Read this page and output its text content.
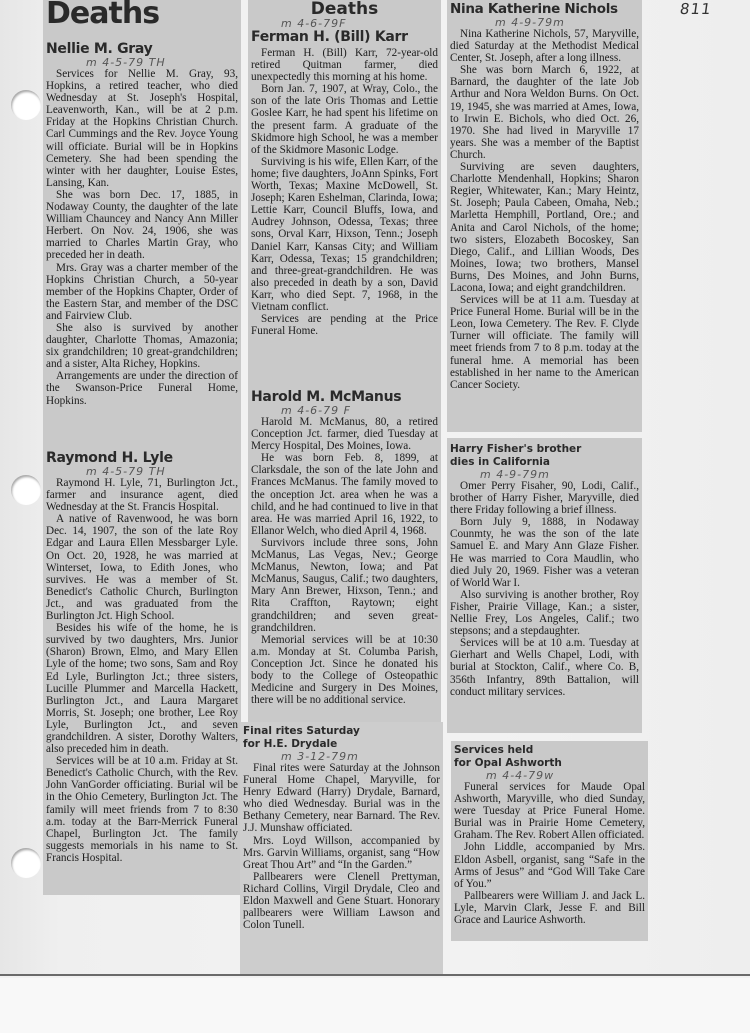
811
Deaths
Nellie M. Gray
m 4-5-79 TH

Services for Nellie M. Gray, 93, Hopkins, a retired teacher, who died Wednesday at St. Joseph's Hospital, Leavenworth, Kan., will be at 2 p.m. Friday at the Hopkins Christian Church. Carl Cummings and the Rev. Joyce Young will officiate. Burial will be in Hopkins Cemetery. She had been spending the winter with her daughter, Louise Estes, Lansing, Kan.

She was born Dec. 17, 1885, in Nodaway County, the daughter of the late William Chauncey and Nancy Ann Miller Herbert. On Nov. 24, 1906, she was married to Charles Martin Gray, who preceded her in death.

Mrs. Gray was a charter member of the Hopkins Christian Church, a 50-year member of the Hopkins Chapter, Order of the Eastern Star, and member of the DSC and Fairview Club.

She also is survived by another daughter, Charlotte Thomas, Amazonia; six grandchildren; 10 great-grandchildren; and a sister, Alta Richey, Hopkins.

Arrangements are under the direction of the Swanson-Price Funeral Home, Hopkins.

Raymond H. Lyle
m 4-5-79 TH

Raymond H. Lyle, 71, Burlington Jct., farmer and insurance agent, died Wednesday at the St. Francis Hospital.

A native of Ravenwood, he was born Dec. 14, 1907, the son of the late Roy Edgar and Laura Ellen Messbarger Lyle. On Oct. 20, 1928, he was married at Winterset, Iowa, to Edith Jones, who survives. He was a member of St. Benedict's Catholic Church, Burlington Jct., and was graduated from the Burlington Jct. High School.

Besides his wife of the home, he is survived by two daughters, Mrs. Junior (Sharon) Brown, Elmo, and Mary Ellen Lyle of the home; two sons, Sam and Roy Ed Lyle, Burlington Jct.; three sisters, Lucille Plummer and Marcella Hackett, Burlington Jct., and Laura Margaret Morris, St. Joseph; one brother, Lee Roy Lyle, Burlington Jct., and seven grandchildren. A sister, Dorothy Walters, also preceded him in death.

Services will be at 10 a.m. Friday at St. Benedict's Catholic Church, with the Rev. John VanGorder officiating. Burial wil be in the Ohio Cemetery, Burlington Jct. The family will meet friends from 7 to 8:30 a.m. today at the Barr-Merrick Funeral Chapel, Burlington Jct. The family suggests memorials in his name to St. Francis Hospital.

Deaths
m 4-6-79F
Ferman H. (Bill) Karr

Ferman H. (Bill) Karr, 72-year-old retired Quitman farmer, died unexpectedly this morning at his home.

Born Jan. 7, 1907, at Wray, Colo., the son of the late Oris Thomas and Lettie Goslee Karr, he had spent his lifetime on the present farm. A graduate of the Skidmore high School, he was a member of the Skidmore Masonic Lodge.

Surviving is his wife, Ellen Karr, of the home; five daughters, JoAnn Spinks, Fort Worth, Texas; Maxine McDowell, St. Joseph; Karen Eshelman, Clarinda, Iowa; Lettie Karr, Council Bluffs, Iowa, and Audrey Johnson, Odessa, Texas; three sons, Orval Karr, Hixson, Tenn.; Joseph Daniel Karr, Kansas City; and William Karr, Odessa, Texas; 15 grandchildren; and three-great-grandchildren. He was also preceded in death by a son, David Karr, who died Sept. 7, 1968, in the Vietnam conflict.

Services are pending at the Price Funeral Home.

Harold M. McManus
m 4-6-79 F

Harold M. McManus, 80, a retired Conception Jct. farmer, died Tuesday at Mercy Hospital, Des Moines, Iowa.

He was born Feb. 8, 1899, at Clarksdale, the son of the late John and Frances McManus. The family moved to the onception Jct. area when he was a child, and he had continued to live in that area. He was married April 16, 1922, to Ellanor Welch, who died April 4, 1968.

Survivors include three sons, John McManus, Las Vegas, Nev.; George McManus, Newton, Iowa; and Pat McManus, Saugus, Calif.; two daughters, Mary Ann Brewer, Hixson, Tenn.; and Rita Craffton, Raytown; eight grandchildren; and seven great-grandchildren.

Memorial services will be at 10:30 a.m. Monday at St. Columba Parish, Conception Jct. Since he donated his body to the College of Osteopathic Medicine and Surgery in Des Moines, there will be no additional service.

Final rites Saturday
for H.E. Drydale
m 3-12-79m

Final rites were Saturday at the Johnson Funeral Home Chapel, Maryville, for Henry Edward (Harry) Drydale, Barnard, who died Wednesday. Burial was in the Bethany Cemetery, near Barnard. The Rev. J.J. Munshaw officiated.

Mrs. Loyd Willson, accompanied by Mrs. Garvin Williams, organist, sang “How Great Thou Art” and “In the Garden.”

Pallbearers were Clenell Prettyman, Richard Collins, Virgil Drydale, Cleo and Eldon Maxwell and Gene Stuart. Honorary pallbearers were William Lawson and Colon Tunell.

Nina Katherine Nichols
m 4-9-79m

Nina Katherine Nichols, 57, Maryville, died Saturday at the Methodist Medical Center, St. Joseph, after a long illness.

She was born March 6, 1922, at Barnard, the daughter of the late Job Arthur and Nora Weldon Burns. On Oct. 19, 1945, she was married at Ames, Iowa, to Irwin E. Bichols, who died Oct. 26, 1970. She had lived in Maryville 17 years. She was a member of the Baptist Church.

Surviving are seven daughters, Charlotte Mendenhall, Hopkins; Sharon Regier, Whitewater, Kan.; Mary Heintz, St. Joseph; Paula Cabeen, Omaha, Neb.; Marletta Hemphill, Portland, Ore.; and Anita and Carol Nichols, of the home; two sisters, Elozabeth Bocoskey, San Diego, Calif., and Lillian Woods, Des Moines, Iowa; two brothers, Mansel Burns, Des Moines, and John Burns, Lacona, Iowa; and eight grandchildren.

Services will be at 11 a.m. Tuesday at Price Funeral Home. Burial will be in the Leon, Iowa Cemetery. The Rev. F. Clyde Turner will officiate. The family will meet friends from 7 to 8 p.m. today at the funeral hme. A memorial has been established in her name to the American Cancer Society.

Harry Fisher's brother
dies in California
m 4-9-79m

Omer Perry Fisaher, 90, Lodi, Calif., brother of Harry Fisher, Maryville, died there Friday following a brief illness.

Born July 9, 1888, in Nodaway Counmty, he was the son of the late Samuel E. and Mary Ann Glaze Fisher. He was married to Cora Maudlin, who died July 20, 1969. Fisher was a veteran of World War I.

Also surviving is another brother, Roy Fisher, Prairie Village, Kan.; a sister, Nellie Frey, Los Angeles, Calif.; two stepsons; and a stepdaughter.

Services will be at 10 a.m. Tuesday at Gierhart and Wells Chapel, Lodi, with burial at Stockton, Calif., where Co. B, 356th Infantry, 89th Battalion, will conduct military services.

Services held
for Opal Ashworth
m 4-4-79w

Funeral services for Maude Opal Ashworth, Maryville, who died Sunday, were Tuesday at Price Funeral Home. Burial was in Prairie Home Cemetery, Graham. The Rev. Robert Allen officiated.

John Liddle, accompanied by Mrs. Eldon Asbell, organist, sang “Safe in the Arms of Jesus” and “God Will Take Care of You.”

Pallbearers were William J. and Jack L. Lyle, Marvin Clark, Jesse F. and Bill Grace and Laurice Ashworth.
